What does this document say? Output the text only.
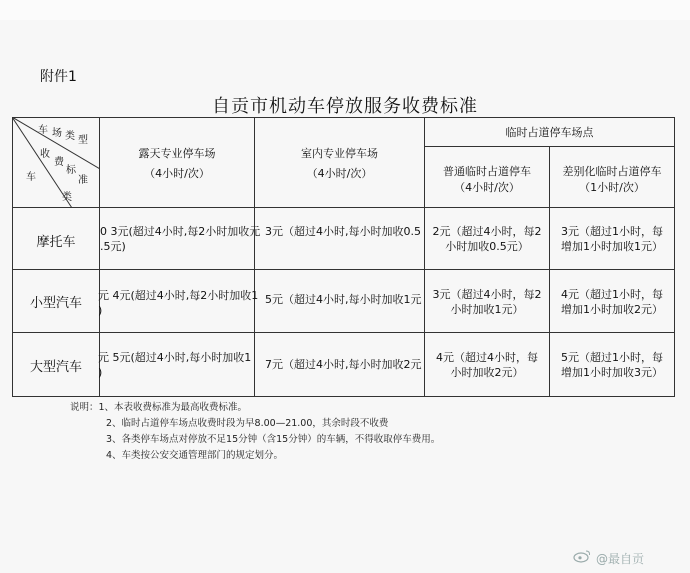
附件1
自贡市机动车停放服务收费标准
车 场 类 型
收
费
标
准
车
类
露天专业停车场
（4小时/次）
室内专业停车场
（4小时/次）
临时占道停车场点
普通临时占道停车
（4小时/次）
差别化临时占道停车
（1小时/次）
摩托车
0 3元(超过4小时,每2小时加收元
.5元)
3元（超过4小时,每小时加收0.5	2元（超过4小时，每2
小时加收0.5元）
3元（超过1小时，每
增加1小时加收1元）
小型汽车
元 4元(超过4小时,每2小时加收1
)
5元（超过4小时,每小时加收1元	3元（超过4小时，每2
小时加收1元）
4元（超过1小时，每
增加1小时加收2元）
大型汽车
元 5元(超过4小时,每小时加收1
)
7元（超过4小时,每小时加收2元
4元（超过4小时，每
小时加收2元）
5元（超过1小时，每
增加1小时加收3元）
说明：1、本表收费标准为最高收费标准。
2、临时占道停车场点收费时段为早8.00—21.00，其余时段不收费
3、各类停车场点对停放不足15分钟（含15分钟）的车辆，不得收取停车费用。
4、车类按公安交通管理部门的规定划分。
@最自贡
